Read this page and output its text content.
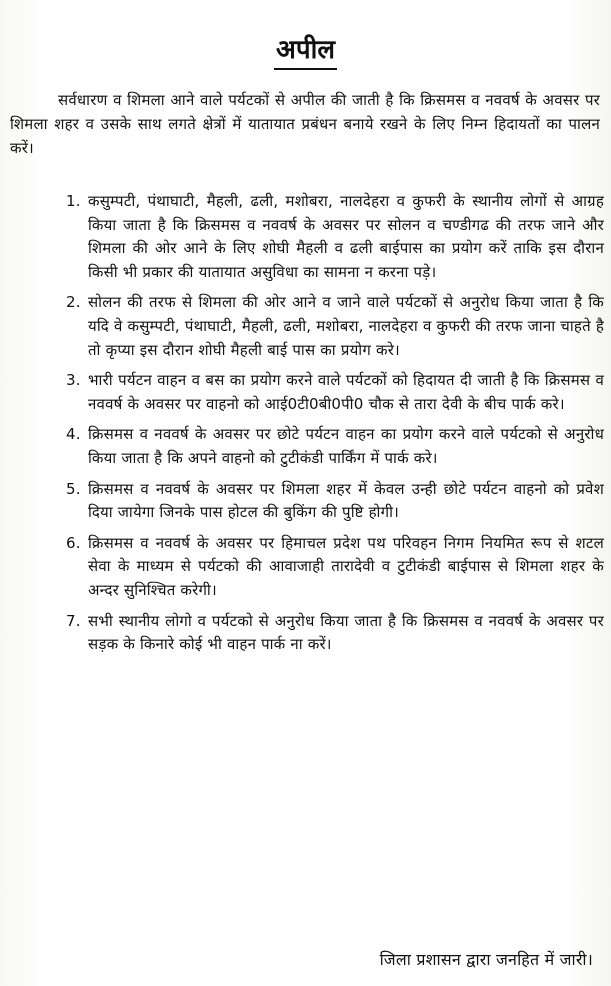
अपील
सर्वधारण व शिमला आने वाले पर्यटकों से अपील की जाती है कि क्रिसमस व नववर्ष के अवसर पर शिमला शहर व उसके साथ लगते क्षेत्रों में यातायात प्रबंधन बनाये रखने के लिए निम्न हिदायतों का पालन करें।
1. कसुम्पटी, पंथाघाटी, मैहली, ढली, मशोबरा, नालदेहरा व कुफरी के स्थानीय लोगों से आग्रह किया जाता है कि क्रिसमस व नववर्ष के अवसर पर सोलन व चण्डीगढ की तरफ जाने और शिमला की ओर आने के लिए शोघी मैहली व ढली बाईपास का प्रयोग करें ताकि इस दौरान किसी भी प्रकार की यातायात असुविधा का सामना न करना पड़े।
2. सोलन की तरफ से शिमला की ओर आने व जाने वाले पर्यटकों से अनुरोध किया जाता है कि यदि वे कसुम्पटी, पंथाघाटी, मैहली, ढली, मशोबरा, नालदेहरा व कुफरी की तरफ जाना चाहते है तो कृप्या इस दौरान शोघी मैहली बाई पास का प्रयोग करे।
3. भारी पर्यटन वाहन व बस का प्रयोग करने वाले पर्यटकों को हिदायत दी जाती है कि क्रिसमस व नववर्ष के अवसर पर वाहनो को आई0टी0बी0पी0 चौक से तारा देवी के बीच पार्क करे।
4. क्रिसमस व नववर्ष के अवसर पर छोटे पर्यटन वाहन का प्रयोग करने वाले पर्यटको से अनुरोध किया जाता है कि अपने वाहनो को टुटीकंडी पार्किंग में पार्क करे।
5. क्रिसमस व नववर्ष के अवसर पर शिमला शहर में केवल उन्ही छोटे पर्यटन वाहनो को प्रवेश दिया जायेगा जिनके पास होटल की बुकिंग की पुष्टि होगी।
6. क्रिसमस व नववर्ष के अवसर पर हिमाचल प्रदेश पथ परिवहन निगम नियमित रूप से शटल सेवा के माध्यम से पर्यटको की आवाजाही तारादेवी व टुटीकंडी बाईपास से शिमला शहर के अन्दर सुनिश्चित करेगी।
7. सभी स्थानीय लोगो व पर्यटको से अनुरोध किया जाता है कि क्रिसमस व नववर्ष के अवसर पर सड़क के किनारे कोई भी वाहन पार्क ना करें।
जिला प्रशासन द्वारा जनहित में जारी।
